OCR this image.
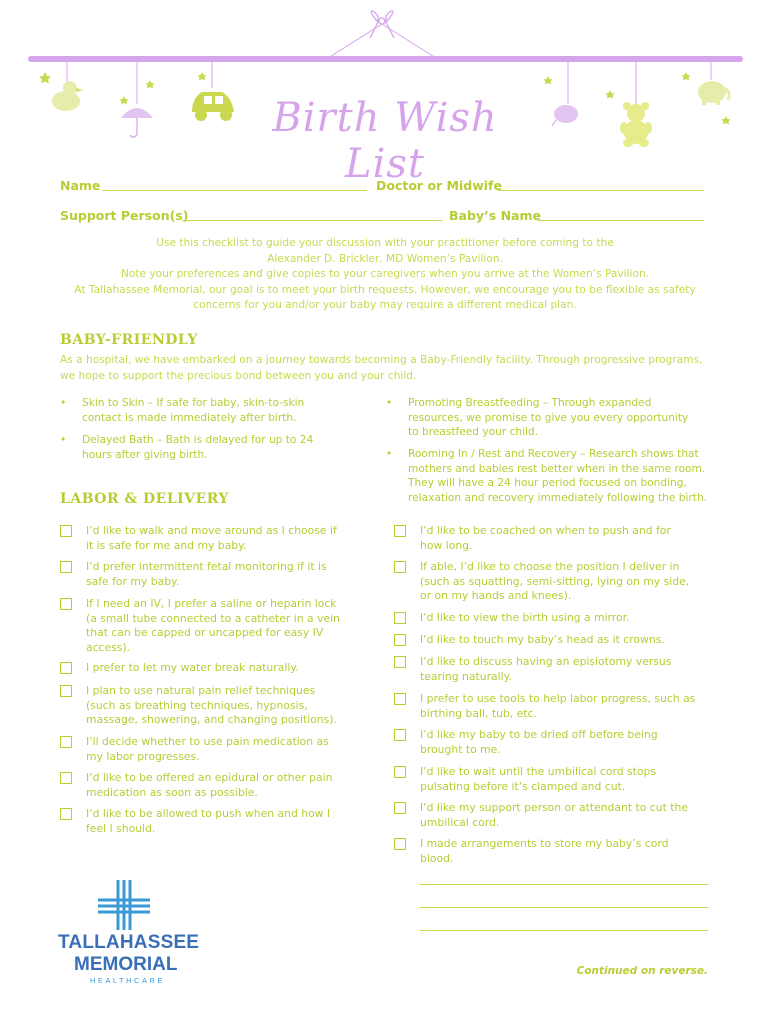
Birth Wish List
Name	Doctor or Midwife
Support Person(s)	Baby’s Name
Use this checklist to guide your discussion with your practitioner before coming to the
Alexander D. Brickler, MD Women’s Pavilion.
Note your preferences and give copies to your caregivers when you arrive at the Women’s Pavilion.
At Tallahassee Memorial, our goal is to meet your birth requests. However, we encourage you to be flexible as safety
concerns for you and/or your baby may require a different medical plan.
BABY-FRIENDLY
As a hospital, we have embarked on a journey towards becoming a Baby-Friendly facility. Through progressive programs,
we hope to support the precious bond between you and your child.
• Skin to Skin – If safe for baby, skin-to-skin
contact is made immediately after birth.
• Delayed Bath – Bath is delayed for up to 24
hours after giving birth.
• Promoting Breastfeeding – Through expanded
resources, we promise to give you every opportunity
to breastfeed your child.
• Rooming In / Rest and Recovery – Research shows that
mothers and babies rest better when in the same room.
They will have a 24 hour period focused on bonding,
relaxation and recovery immediately following the birth.
LABOR & DELIVERY
I’d like to walk and move around as I choose if
it is safe for me and my baby.
I’d prefer intermittent fetal monitoring if it is
safe for my baby.
If I need an IV, I prefer a saline or heparin lock
(a small tube connected to a catheter in a vein
that can be capped or uncapped for easy IV
access).
I prefer to let my water break naturally.
I plan to use natural pain relief techniques
(such as breathing techniques, hypnosis,
massage, showering, and changing positions).
I’ll decide whether to use pain medication as
my labor progresses.
I’d like to be offered an epidural or other pain
medication as soon as possible.
I’d like to be allowed to push when and how I
feel I should.
I’d like to be coached on when to push and for
how long.
If able, I’d like to choose the position I deliver in
(such as squatting, semi-sitting, lying on my side,
or on my hands and knees).
I’d like to view the birth using a mirror.
I’d like to touch my baby’s head as it crowns.
I’d like to discuss having an episiotomy versus
tearing naturally.
I prefer to use tools to help labor progress, such as
birthing ball, tub, etc.
I’d like my baby to be dried off before being
brought to me.
I’d like to wait until the umbilical cord stops
pulsating before it’s clamped and cut.
I’d like my support person or attendant to cut the
umbilical cord.
I made arrangements to store my baby’s cord
blood.
TALLAHASSEE
MEMORIAL
HEALTHCARE
Continued on reverse.
